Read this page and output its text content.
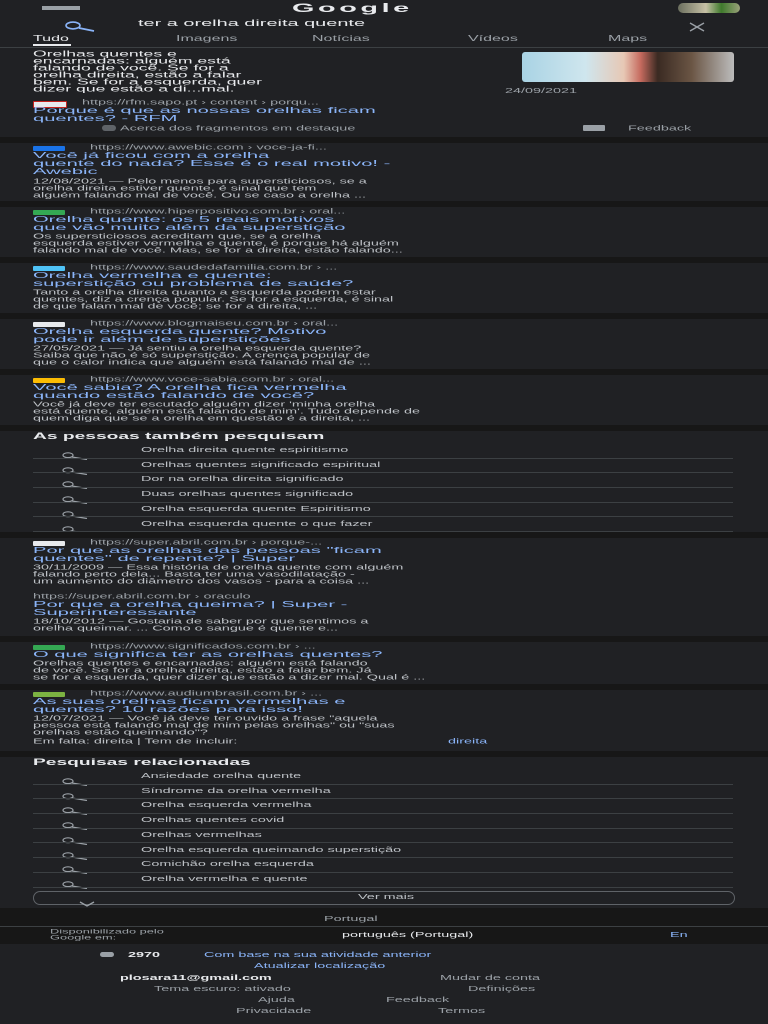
Google
ter a orelha direita quente
Tudo	Imagens	Notícias	Vídeos	Maps
Orelhas quentes e
encarnadas: alguém está
falando de você. Se for a
orelha direita, estão a falar
bem. Se for a esquerda, quer
dizer que estão a di...mal.	24/09/2021
https://rfm.sapo.pt › content › porqu...
Porque é que as nossas orelhas ficam
quentes? - RFM
Acerca dos fragmentos em destaque	Feedback
https://www.awebic.com › voce-ja-fi...
Você já ficou com a orelha
quente do nada? Esse é o real motivo! -
Awebic
12/08/2021 — Pelo menos para supersticiosos, se a
orelha direita estiver quente, é sinal que tem
alguém falando mal de você. Ou se caso a orelha ...
https://www.hiperpositivo.com.br › oral...
Orelha quente: os 5 reais motivos
que vão muito além da superstição
Os supersticiosos acreditam que, se a orelha
esquerda estiver vermelha e quente, é porque há alguém
falando mal de você. Mas, se for a direita, estão falando...
https://www.saudedafamilia.com.br › ...
Orelha vermelha e quente:
superstição ou problema de saúde?
Tanto a orelha direita quanto a esquerda podem estar
quentes, diz a crença popular. Se for a esquerda, é sinal
de que falam mal de você; se for a direita, ...
https://www.blogmaiseu.com.br › oral...
Orelha esquerda quente? Motivo
pode ir além de superstições
27/05/2021 — Já sentiu a orelha esquerda quente?
Saiba que não é só superstição. A crença popular de
que o calor indica que alguém está falando mal de ...
https://www.voce-sabia.com.br › oral...
Você sabia? A orelha fica vermelha
quando estão falando de você?
Você já deve ter escutado alguém dizer 'minha orelha
está quente, alguém está falando de mim'. Tudo depende de
quem diga que se a orelha em questão é a direita, ...
As pessoas também pesquisam
Orelha direita quente espiritismo
Orelhas quentes significado espiritual
Dor na orelha direita significado
Duas orelhas quentes significado
Orelha esquerda quente Espiritismo
Orelha esquerda quente o que fazer
https://super.abril.com.br › porque-...
Por que as orelhas das pessoas "ficam
quentes" de repente? | Super
30/11/2009 — Essa história de orelha quente com alguém
falando perto dela... Basta ter uma vasodilatação -
um aumento do diâmetro dos vasos - para a coisa ...
https://super.abril.com.br › oraculo
Por que a orelha queima? | Super -
Superinteressante
18/10/2012 — Gostaria de saber por que sentimos a
orelha queimar. ... Como o sangue é quente e...
https://www.significados.com.br › ...
O que significa ter as orelhas quentes?
Orelhas quentes e encarnadas: alguém está falando
de você. Se for a orelha direita, estão a falar bem. Já
se for a esquerda, quer dizer que estão a dizer mal. Qual é ...
https://www.audiumbrasil.com.br › ...
As suas orelhas ficam vermelhas e
quentes? 10 razões para isso!
12/07/2021 — Você já deve ter ouvido a frase "aquela
pessoa está falando mal de mim pelas orelhas" ou "suas
orelhas estão queimando"?
Em falta: direita | Tem de incluir:	direita
Pesquisas relacionadas
Ansiedade orelha quente
Síndrome da orelha vermelha
Orelha esquerda vermelha
Orelhas quentes covid
Orelhas vermelhas
Orelha esquerda queimando superstição
Comichão orelha esquerda
Orelha vermelha e quente
Ver mais
Portugal
Disponibilizado pelo
Google em:	português (Portugal)	En
2970	Com base na sua atividade anterior
Atualizar localização
plosara11@gmail.com	Mudar de conta
Tema escuro: ativado	Definições
Ajuda	Feedback
Privacidade	Termos
